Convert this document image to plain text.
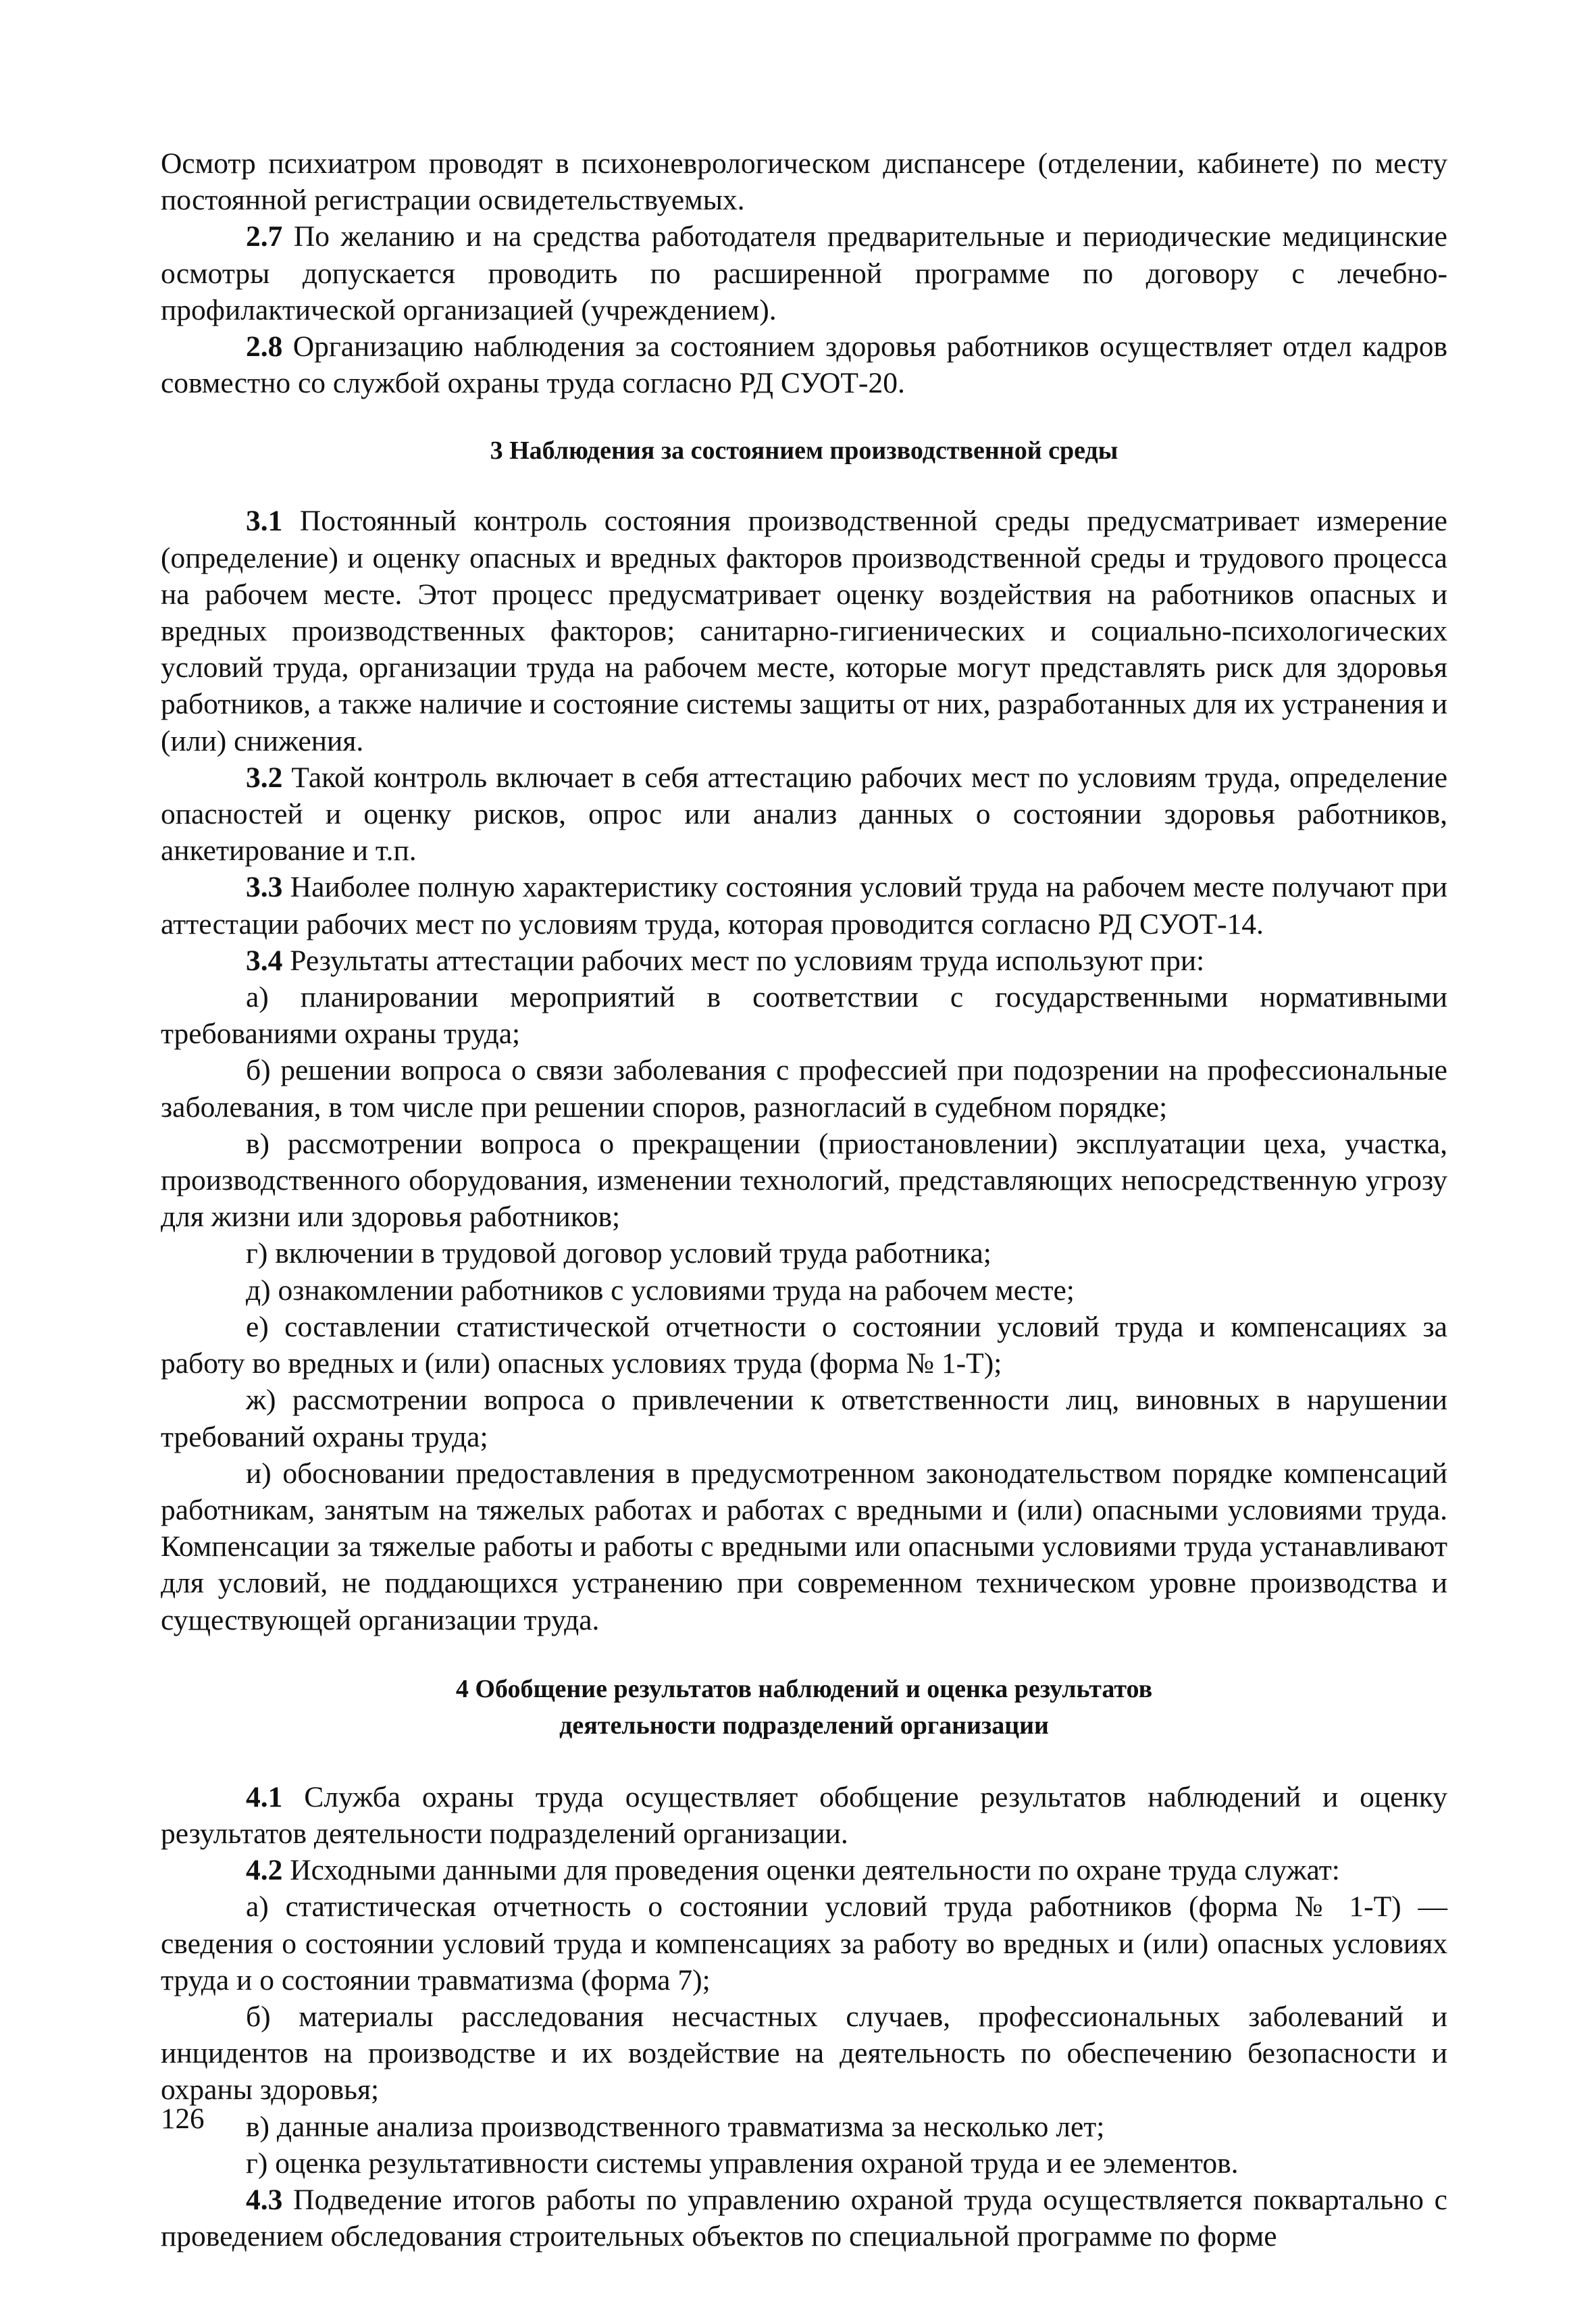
Осмотр психиатром проводят в психоневрологическом диспансере (отделении, кабинете) по месту постоянной регистрации освидетельствуемых.

2.7 По желанию и на средства работодателя предварительные и периодические медицинские осмотры допускается проводить по расширенной программе по договору с лечебно-профилактической организацией (учреждением).

2.8 Организацию наблюдения за состоянием здоровья работников осуществляет отдел кадров совместно со службой охраны труда согласно РД СУОТ-20.

3 Наблюдения за состоянием производственной среды

3.1 Постоянный контроль состояния производственной среды предусматривает измерение (определение) и оценку опасных и вредных факторов производственной среды и трудового процесса на рабочем месте. Этот процесс предусматривает оценку воздействия на работников опасных и вредных производственных факторов; санитарно-гигиенических и социально-психологических условий труда, организации труда на рабочем месте, которые могут представлять риск для здоровья работников, а также наличие и состояние системы защиты от них, разработанных для их устранения и (или) снижения.

3.2 Такой контроль включает в себя аттестацию рабочих мест по условиям труда, определение опасностей и оценку рисков, опрос или анализ данных о состоянии здоровья работников, анкетирование и т.п.

3.3 Наиболее полную характеристику состояния условий труда на рабочем месте получают при аттестации рабочих мест по условиям труда, которая проводится согласно РД СУОТ-14.

3.4 Результаты аттестации рабочих мест по условиям труда используют при:

а) планировании мероприятий в соответствии с государственными нормативными требованиями охраны труда;

б) решении вопроса о связи заболевания с профессией при подозрении на профессиональные заболевания, в том числе при решении споров, разногласий в судебном порядке;

в) рассмотрении вопроса о прекращении (приостановлении) эксплуатации цеха, участка, производственного оборудования, изменении технологий, представляющих непосредственную угрозу для жизни или здоровья работников;

г) включении в трудовой договор условий труда работника;

д) ознакомлении работников с условиями труда на рабочем месте;

е) составлении статистической отчетности о состоянии условий труда и компенсациях за работу во вредных и (или) опасных условиях труда (форма № 1-Т);

ж) рассмотрении вопроса о привлечении к ответственности лиц, виновных в нарушении требований охраны труда;

и) обосновании предоставления в предусмотренном законодательством порядке компенсаций работникам, занятым на тяжелых работах и работах с вредными и (или) опасными условиями труда. Компенсации за тяжелые работы и работы с вредными или опасными условиями труда устанавливают для условий, не поддающихся устранению при современном техническом уровне производства и существующей организации труда.

4 Обобщение результатов наблюдений и оценка результатов
деятельности подразделений организации

4.1 Служба охраны труда осуществляет обобщение результатов наблюдений и оценку результатов деятельности подразделений организации.

4.2 Исходными данными для проведения оценки деятельности по охране труда служат:

а) статистическая отчетность о состоянии условий труда работников (форма № 1-Т) — сведения о состоянии условий труда и компенсациях за работу во вредных и (или) опасных условиях труда и о состоянии травматизма (форма 7);

б) материалы расследования несчастных случаев, профессиональных заболеваний и инцидентов на производстве и их воздействие на деятельность по обеспечению безопасности и охраны здоровья;

в) данные анализа производственного травматизма за несколько лет;

г) оценка результативности системы управления охраной труда и ее элементов.

4.3 Подведение итогов работы по управлению охраной труда осуществляется поквартально с проведением обследования строительных объектов по специальной программе по форме

126
